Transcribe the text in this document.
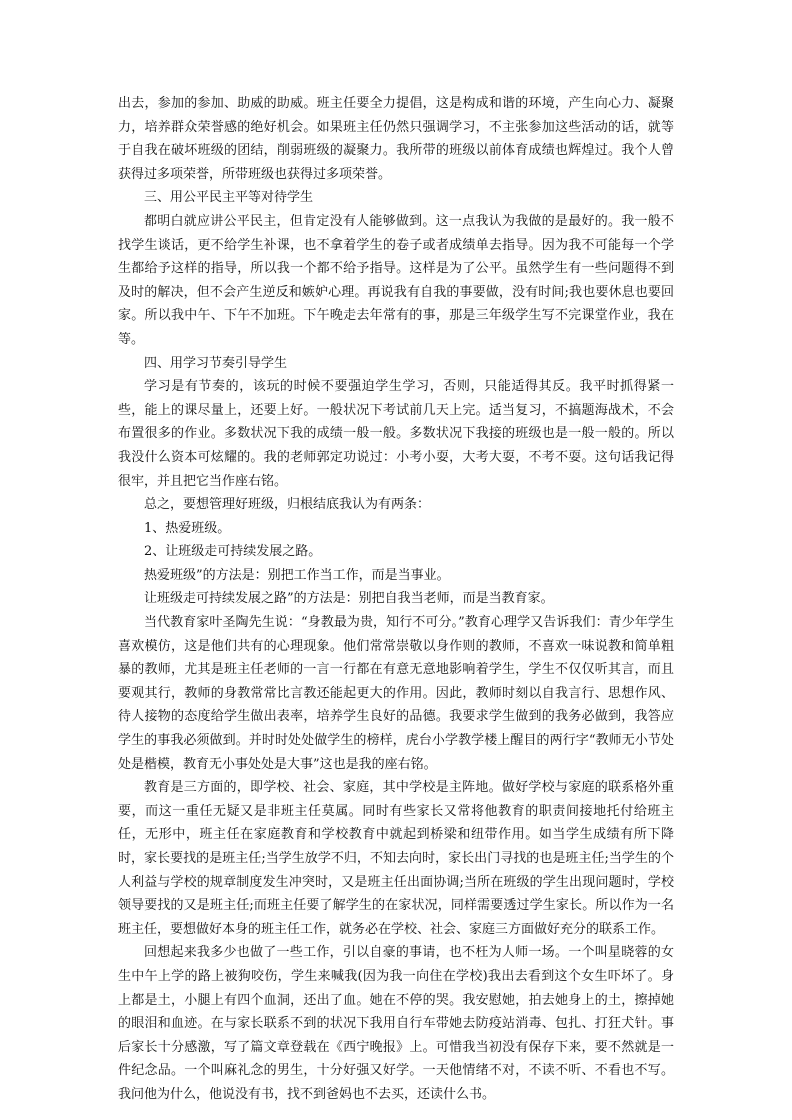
出去，参加的参加、助威的助威。班主任要全力提倡，这是构成和谐的环境，产生向心力、凝聚力，培养群众荣誉感的绝好机会。如果班主任仍然只强调学习，不主张参加这些活动的话，就等于自我在破坏班级的团结，削弱班级的凝聚力。我所带的班级以前体育成绩也辉煌过。我个人曾获得过多项荣誉，所带班级也获得过多项荣誉。

三、用公平民主平等对待学生

都明白就应讲公平民主，但肯定没有人能够做到。这一点我认为我做的是最好的。我一般不找学生谈话，更不给学生补课，也不拿着学生的卷子或者成绩单去指导。因为我不可能每一个学生都给予这样的指导，所以我一个都不给予指导。这样是为了公平。虽然学生有一些问题得不到及时的解决，但不会产生逆反和嫉妒心理。再说我有自我的事要做，没有时间;我也要休息也要回家。所以我中午、下午不加班。下午晚走去年常有的事，那是三年级学生写不完课堂作业，我在等。

四、用学习节奏引导学生

学习是有节奏的，该玩的时候不要强迫学生学习，否则，只能适得其反。我平时抓得紧一些，能上的课尽量上，还要上好。一般状况下考试前几天上完。适当复习，不搞题海战术，不会布置很多的作业。多数状况下我的成绩一般一般。多数状况下我接的班级也是一般一般的。所以我没什么资本可炫耀的。我的老师郭定功说过：小考小耍，大考大耍，不考不耍。这句话我记得很牢，并且把它当作座右铭。

总之，要想管理好班级，归根结底我认为有两条：

1、热爱班级。

2、让班级走可持续发展之路。

热爱班级”的方法是：别把工作当工作，而是当事业。

让班级走可持续发展之路”的方法是：别把自我当老师，而是当教育家。

当代教育家叶圣陶先生说：“身教最为贵，知行不可分。”教育心理学又告诉我们：青少年学生喜欢模仿，这是他们共有的心理现象。他们常常崇敬以身作则的教师，不喜欢一味说教和简单粗暴的教师，尤其是班主任老师的一言一行都在有意无意地影响着学生，学生不仅仅听其言，而且要观其行，教师的身教常常比言教还能起更大的作用。因此，教师时刻以自我言行、思想作风、待人接物的态度给学生做出表率，培养学生良好的品德。我要求学生做到的我务必做到，我答应学生的事我必须做到。并时时处处做学生的榜样，虎台小学教学楼上醒目的两行字“教师无小节处处是楷模，教育无小事处处是大事”这也是我的座右铭。

教育是三方面的，即学校、社会、家庭，其中学校是主阵地。做好学校与家庭的联系格外重要，而这一重任无疑又是非班主任莫属。同时有些家长又常将他教育的职责间接地托付给班主任，无形中，班主任在家庭教育和学校教育中就起到桥梁和纽带作用。如当学生成绩有所下降时，家长要找的是班主任;当学生放学不归，不知去向时，家长出门寻找的也是班主任;当学生的个人利益与学校的规章制度发生冲突时，又是班主任出面协调;当所在班级的学生出现问题时，学校领导要找的又是班主任;而班主任要了解学生的在家状况，同样需要透过学生家长。所以作为一名班主任，要想做好本身的班主任工作，就务必在学校、社会、家庭三方面做好充分的联系工作。

回想起来我多少也做了一些工作，引以自豪的事请，也不枉为人师一场。一个叫星晓蓉的女生中午上学的路上被狗咬伤，学生来喊我(因为我一向住在学校)我出去看到这个女生吓坏了。身上都是土，小腿上有四个血洞，还出了血。她在不停的哭。我安慰她，拍去她身上的土，擦掉她的眼泪和血迹。在与家长联系不到的状况下我用自行车带她去防疫站消毒、包扎、打狂犬针。事后家长十分感激，写了篇文章登载在《西宁晚报》上。可惜我当初没有保存下来，要不然就是一件纪念品。一个叫麻礼念的男生，十分好强又好学。一天他情绪不对，不读不听、不看也不写。我问他为什么，他说没有书，找不到爸妈也不去买，还读什么书。
